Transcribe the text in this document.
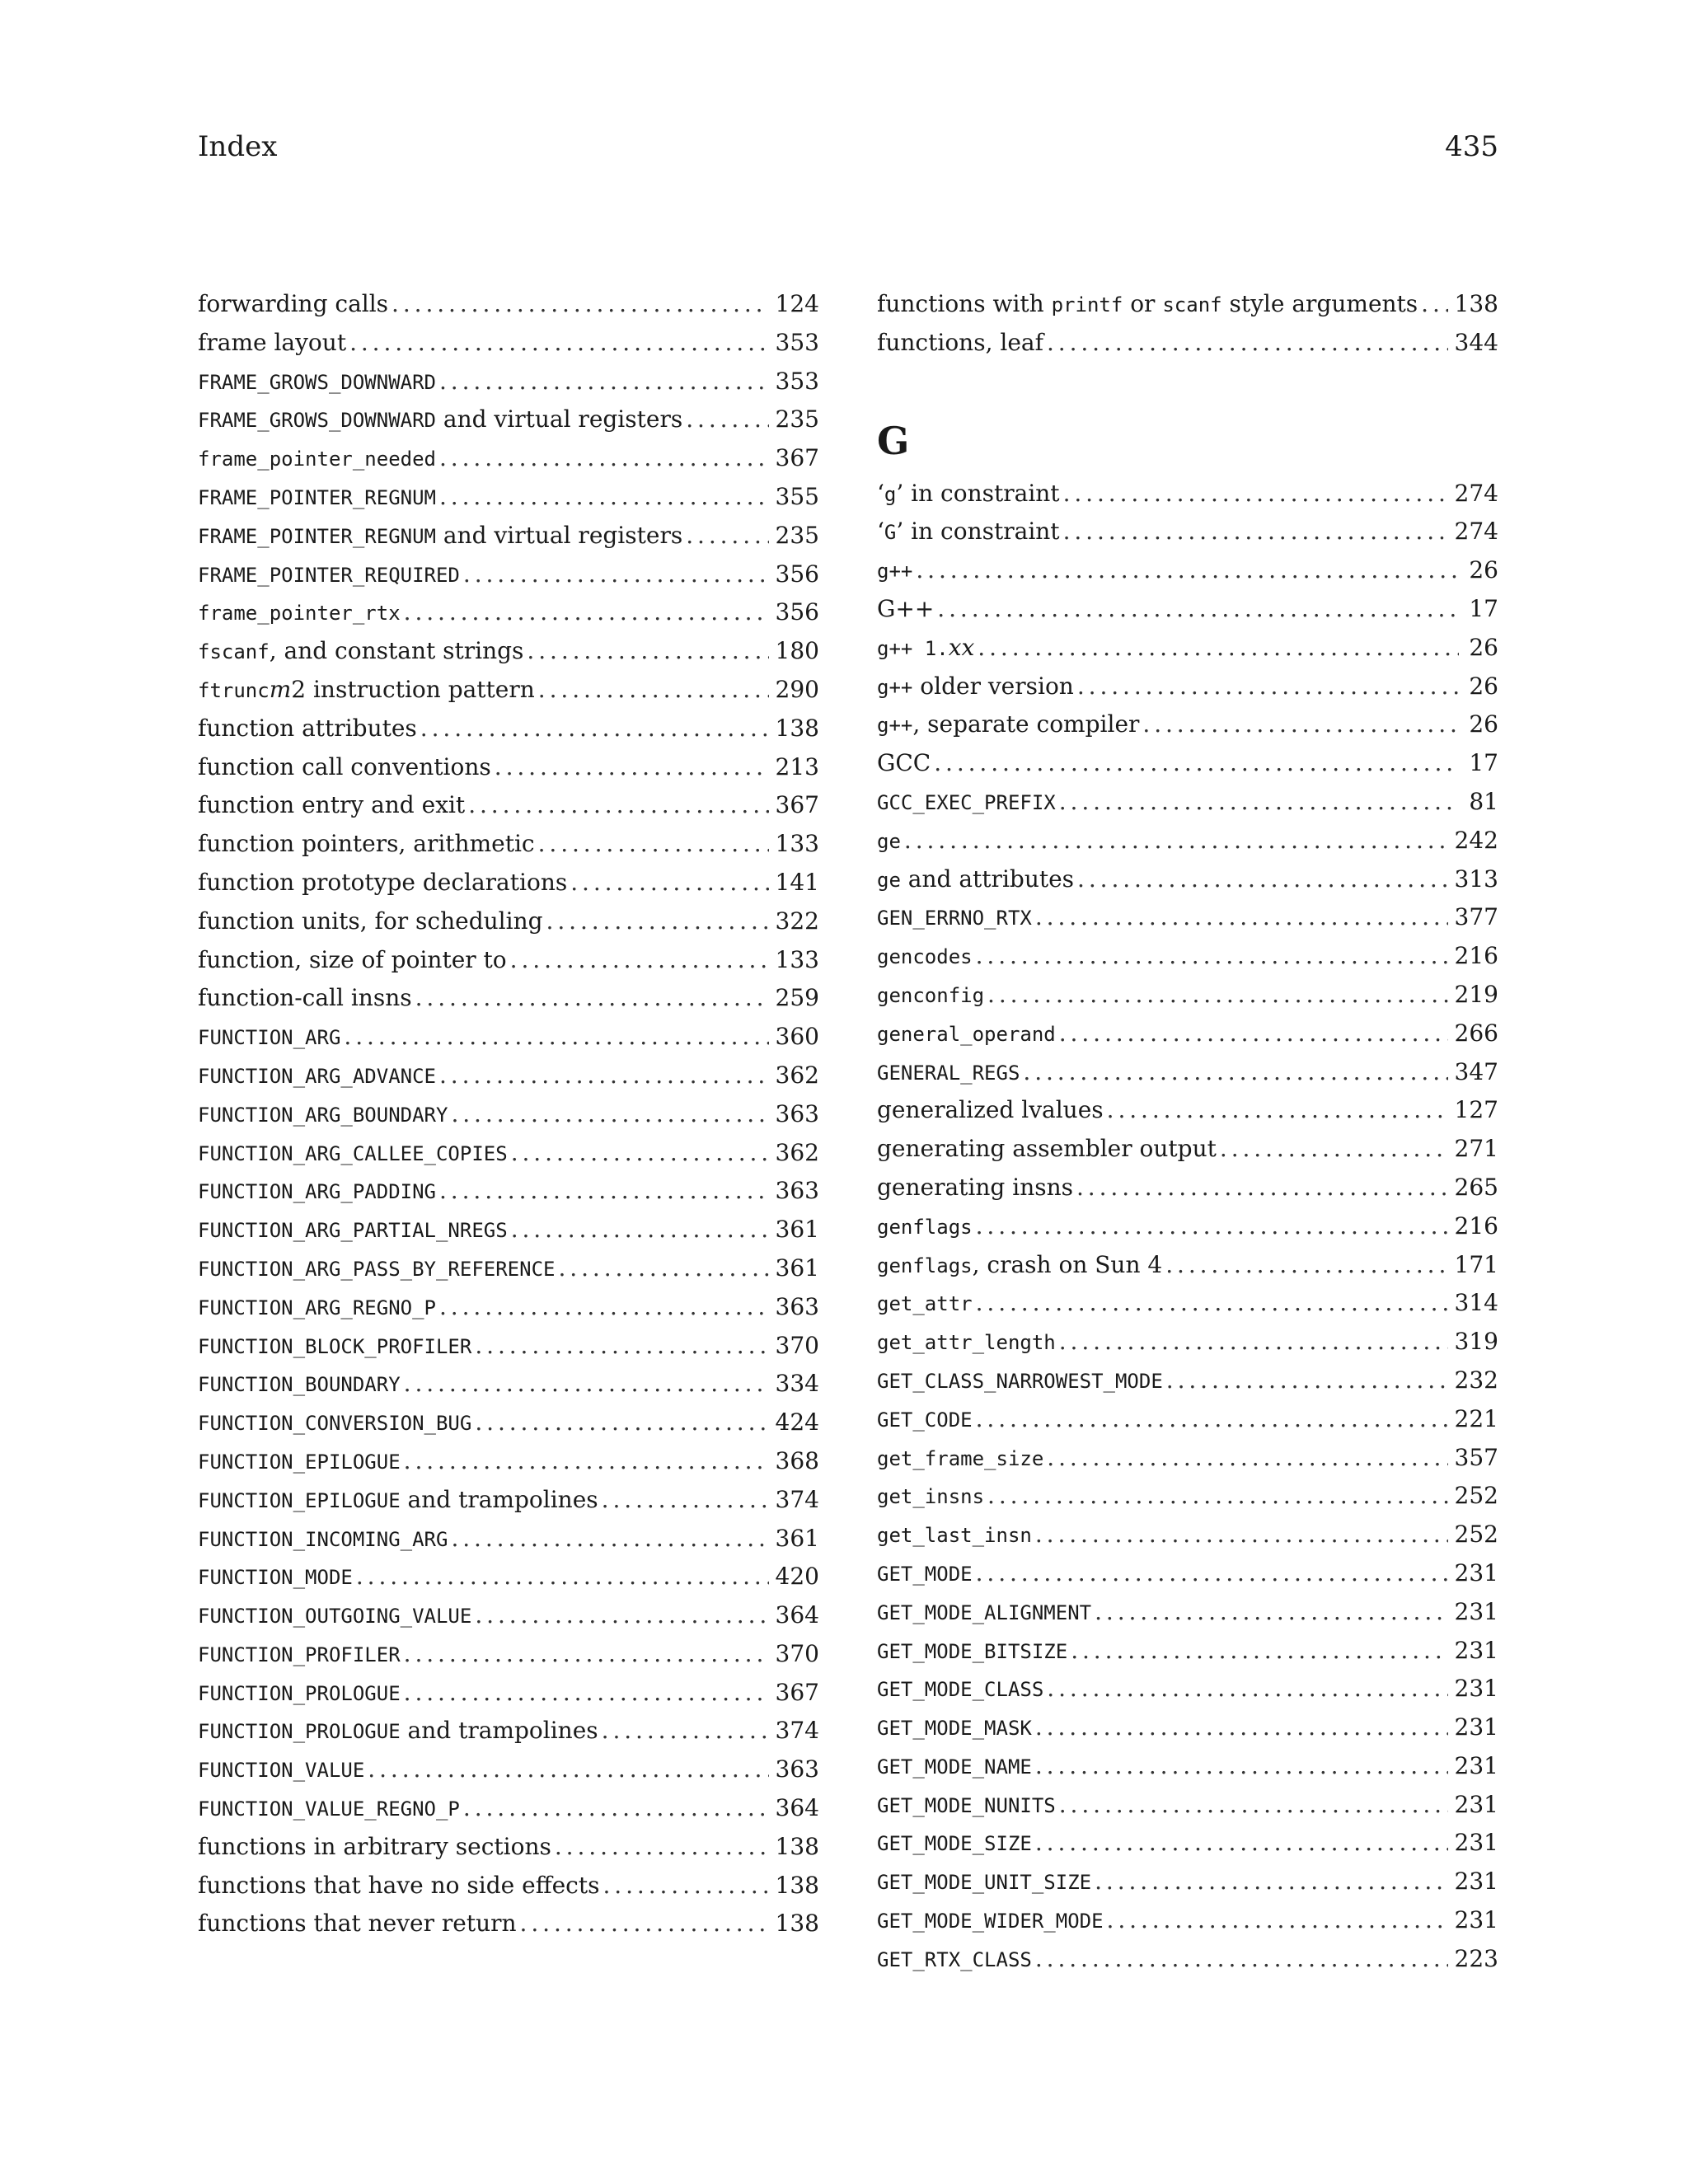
Index	435
forwarding calls . . .	124
frame layout . . .	353
FRAME_GROWS_DOWNWARD . . .	353
FRAME_GROWS_DOWNWARD and virtual registers . . .	235
frame_pointer_needed . . .	367
FRAME_POINTER_REGNUM . . .	355
FRAME_POINTER_REGNUM and virtual registers . . .	235
FRAME_POINTER_REQUIRED . . .	356
frame_pointer_rtx . . .	356
fscanf, and constant strings . . .	180
ftruncm2 instruction pattern . . .	290
function attributes . . .	138
function call conventions . . .	213
function entry and exit . . .	367
function pointers, arithmetic . . .	133
function prototype declarations . . .	141
function units, for scheduling . . .	322
function, size of pointer to . . .	133
function-call insns . . .	259
FUNCTION_ARG . . .	360
FUNCTION_ARG_ADVANCE . . .	362
FUNCTION_ARG_BOUNDARY . . .	363
FUNCTION_ARG_CALLEE_COPIES . . .	362
FUNCTION_ARG_PADDING . . .	363
FUNCTION_ARG_PARTIAL_NREGS . . .	361
FUNCTION_ARG_PASS_BY_REFERENCE . . .	361
FUNCTION_ARG_REGNO_P . . .	363
FUNCTION_BLOCK_PROFILER . . .	370
FUNCTION_BOUNDARY . . .	334
FUNCTION_CONVERSION_BUG . . .	424
FUNCTION_EPILOGUE . . .	368
FUNCTION_EPILOGUE and trampolines . . .	374
FUNCTION_INCOMING_ARG . . .	361
FUNCTION_MODE . . .	420
FUNCTION_OUTGOING_VALUE . . .	364
FUNCTION_PROFILER . . .	370
FUNCTION_PROLOGUE . . .	367
FUNCTION_PROLOGUE and trampolines . . .	374
FUNCTION_VALUE . . .	363
FUNCTION_VALUE_REGNO_P . . .	364
functions in arbitrary sections . . .	138
functions that have no side effects . . .	138
functions that never return . . .	138
functions with printf or scanf style arguments . . . 138
functions, leaf . . .	344
G
‘g’ in constraint . . .	274
‘G’ in constraint . . .	274
g++ . . .	26
G++ . . .	17
g++ 1.xx . . .	26
g++ older version . . .	26
g++, separate compiler . . .	26
GCC . . .	17
GCC_EXEC_PREFIX . . .	81
ge . . .	242
ge and attributes . . .	313
GEN_ERRNO_RTX . . .	377
gencodes . . .	216
genconfig . . .	219
general_operand . . .	266
GENERAL_REGS . . .	347
generalized lvalues . . .	127
generating assembler output . . .	271
generating insns . . .	265
genflags . . .	216
genflags, crash on Sun 4 . . .	171
get_attr . . .	314
get_attr_length . . .	319
GET_CLASS_NARROWEST_MODE . . .	232
GET_CODE . . .	221
get_frame_size . . .	357
get_insns . . .	252
get_last_insn . . .	252
GET_MODE . . .	231
GET_MODE_ALIGNMENT . . .	231
GET_MODE_BITSIZE . . .	231
GET_MODE_CLASS . . .	231
GET_MODE_MASK . . .	231
GET_MODE_NAME . . .	231
GET_MODE_NUNITS . . .	231
GET_MODE_SIZE . . .	231
GET_MODE_UNIT_SIZE . . .	231
GET_MODE_WIDER_MODE . . .	231
GET_RTX_CLASS . . .	223
